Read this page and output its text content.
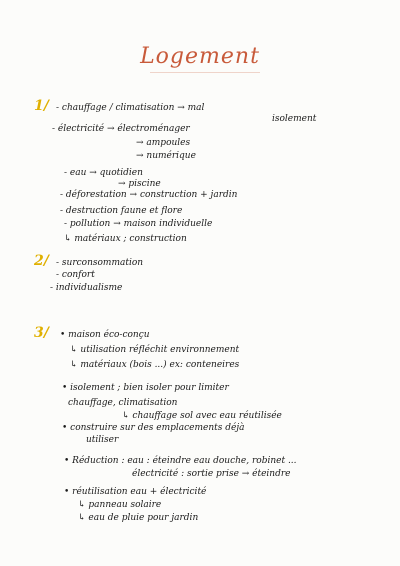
Logement
1/ - chauffage / climatisation → mal
isolement
- électricité → électroménager
→ ampoules
→ numérique
- eau → quotidien
→ piscine
- déforestation → construction + jardin
- destruction faune et flore
- pollution → maison individuelle
↳ matériaux ; construction
2/ - surconsommation
- confort
- individualisme
3/ • maison éco-conçu
↳ utilisation réfléchit environnement
↳ matériaux (bois ...) ex: conteneires
• isolement ; bien isoler pour limiter
chauffage, climatisation
↳ chauffage sol avec eau réutilisée
• construire sur des emplacements déjà
utiliser
• Réduction : eau : éteindre eau douche, robinet ...
électricité : sortie prise → éteindre
• réutilisation eau + électricité
↳ panneau solaire
↳ eau de pluie pour jardin
